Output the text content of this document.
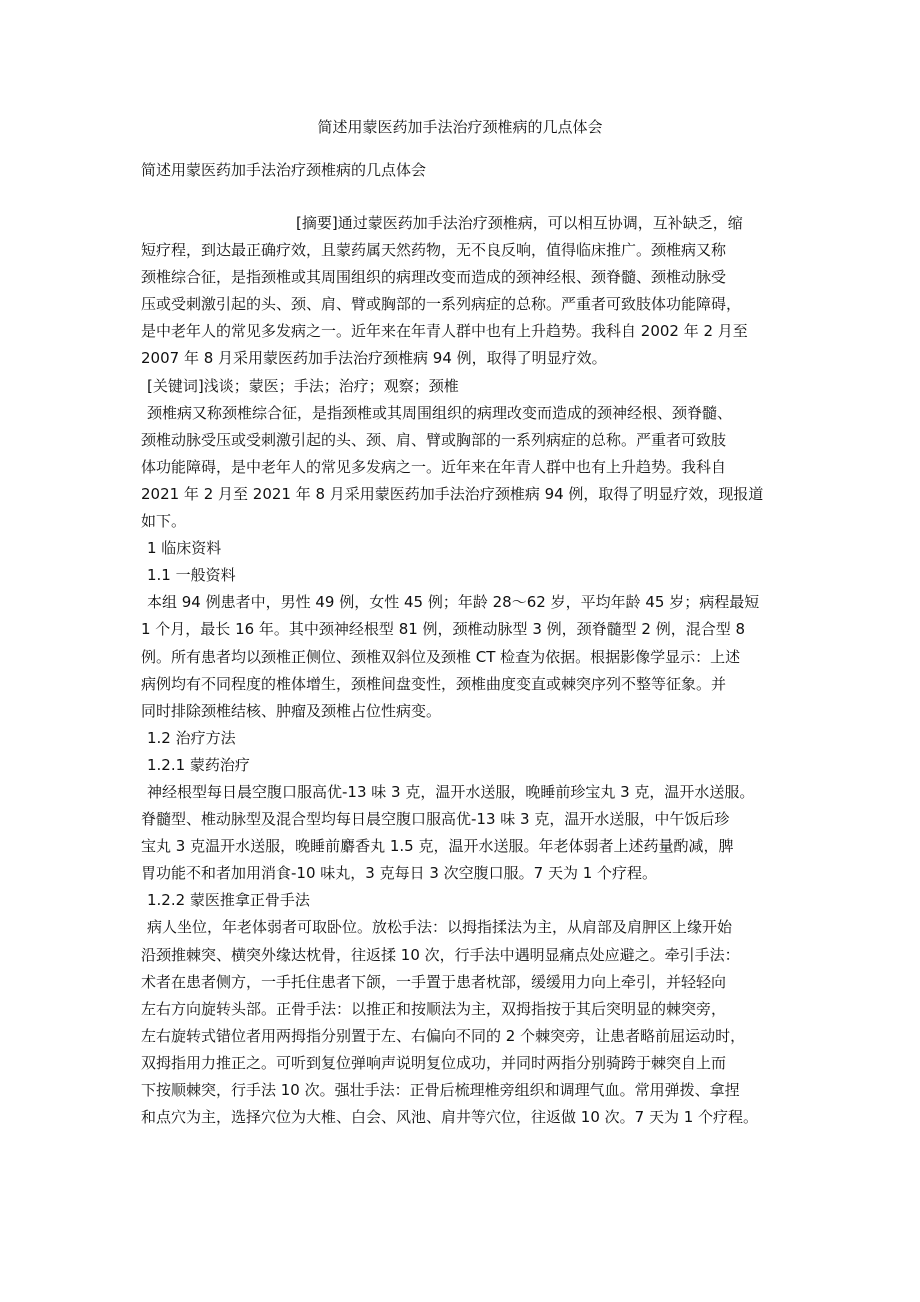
简述用蒙医药加手法治疗颈椎病的几点体会
简述用蒙医药加手法治疗颈椎病的几点体会
[摘要]通过蒙医药加手法治疗颈椎病，可以相互协调，互补缺乏，缩
短疗程，到达最正确疗效，且蒙药属天然药物，无不良反响，值得临床推广。颈椎病又称
颈椎综合征，是指颈椎或其周围组织的病理改变而造成的颈神经根、颈脊髓、颈椎动脉受
压或受刺激引起的头、颈、肩、臂或胸部的一系列病症的总称。严重者可致肢体功能障碍，
是中老年人的常见多发病之一。近年来在年青人群中也有上升趋势。我科自 2002 年 2 月至
2007 年 8 月采用蒙医药加手法治疗颈椎病 94 例，取得了明显疗效。
[关键词]浅谈；蒙医；手法；治疗；观察；颈椎
颈椎病又称颈椎综合征，是指颈椎或其周围组织的病理改变而造成的颈神经根、颈脊髓、
颈椎动脉受压或受刺激引起的头、颈、肩、臂或胸部的一系列病症的总称。严重者可致肢
体功能障碍，是中老年人的常见多发病之一。近年来在年青人群中也有上升趋势。我科自
2021 年 2 月至 2021 年 8 月采用蒙医药加手法治疗颈椎病 94 例，取得了明显疗效，现报道
如下。
1 临床资料
1.1 一般资料
本组 94 例患者中，男性 49 例，女性 45 例；年龄 28～62 岁，平均年龄 45 岁；病程最短
1 个月，最长 16 年。其中颈神经根型 81 例，颈椎动脉型 3 例，颈脊髓型 2 例，混合型 8
例。所有患者均以颈椎正侧位、颈椎双斜位及颈椎 CT 检查为依据。根据影像学显示：上述
病例均有不同程度的椎体增生，颈椎间盘变性，颈椎曲度变直或棘突序列不整等征象。并
同时排除颈椎结核、肿瘤及颈椎占位性病变。
1.2 治疗方法
1.2.1 蒙药治疗
神经根型每日晨空腹口服高优-13 味 3 克，温开水送服，晚睡前珍宝丸 3 克，温开水送服。
脊髓型、椎动脉型及混合型均每日晨空腹口服高优-13 味 3 克，温开水送服，中午饭后珍
宝丸 3 克温开水送服，晚睡前麝香丸 1.5 克，温开水送服。年老体弱者上述药量酌减，脾
胃功能不和者加用消食-10 味丸，3 克每日 3 次空腹口服。7 天为 1 个疗程。
1.2.2 蒙医推拿正骨手法
病人坐位，年老体弱者可取卧位。放松手法：以拇指揉法为主，从肩部及肩胛区上缘开始
沿颈推棘突、横突外缘达枕骨，往返揉 10 次，行手法中遇明显痛点处应避之。牵引手法：
术者在患者侧方，一手托住患者下颌，一手置于患者枕部，缓缓用力向上牵引，并轻轻向
左右方向旋转头部。正骨手法：以推正和按顺法为主，双拇指按于其后突明显的棘突旁，
左右旋转式错位者用两拇指分别置于左、右偏向不同的 2 个棘突旁，让患者略前屈运动时，
双拇指用力推正之。可听到复位弹响声说明复位成功，并同时两指分别骑跨于棘突自上而
下按顺棘突，行手法 10 次。强壮手法：正骨后梳理椎旁组织和调理气血。常用弹拨、拿捏
和点穴为主，选择穴位为大椎、白会、风池、肩井等穴位，往返做 10 次。7 天为 1 个疗程。
